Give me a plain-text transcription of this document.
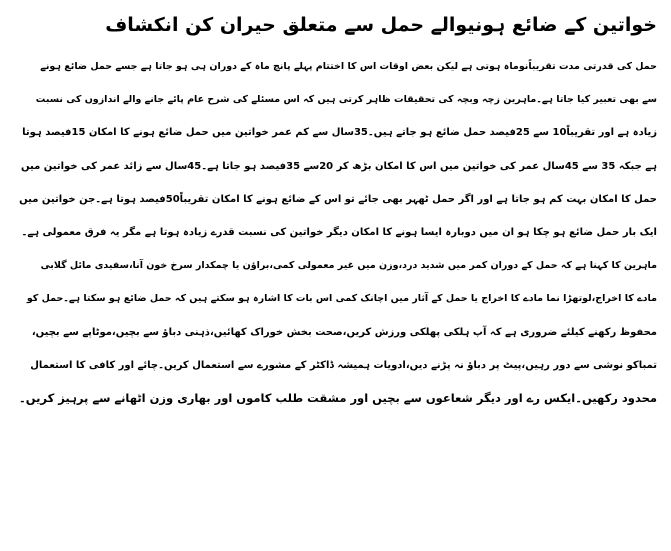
خواتین کے ضائع ہونیوالے حمل سے متعلق حیران کن انکشاف
حمل کی قدرتی مدت تقریباًنوماہ ہوتی ہے لیکن بعض اوقات اس کا اختتام پہلے پانچ ماہ کے دوران ہی ہو جاتا ہے جسے حمل ضائع ہونے
سے بھی تعبیر کیا جاتا ہے۔ماہرین زچہ وبچہ کی تحقیقات ظاہر کرتی ہیں کہ اس مسئلے کی شرح عام پائے جانے والے اندازوں کی نسبت
زیادہ ہے اور تقریباً10 سے 25فیصد حمل ضائع ہو جاتے ہیں۔35سال سے کم عمر خواتین میں حمل ضائع ہونے کا امکان 15فیصد ہوتا
ہے جبکہ 35 سے 45سال عمر کی خواتین میں اس کا امکان بڑھ کر 20سے 35فیصد ہو جاتا ہے۔45سال سے زائد عمر کی خواتین میں
حمل کا امکان بہت کم ہو جاتا ہے اور اگر حمل ٹھہر بھی جائے تو اس کے ضائع ہونے کا امکان تقریباً50فیصد ہوتا ہے۔جن خواتین میں
ایک بار حمل ضائع ہو چکا ہو ان میں دوبارہ ایسا ہونے کا امکان دیگر خواتین کی نسبت قدرے زیادہ ہوتا ہے مگر یہ فرق معمولی ہے۔
ماہرین کا کہنا ہے کہ حمل کے دوران کمر میں شدید درد،وزن میں غیر معمولی کمی،براؤن یا چمکدار سرخ خون آنا،سفیدی مائل گلابی
مادے کا اخراج،لوتھڑا نما مادے کا اخراج یا حمل کے آثار میں اچانک کمی اس بات کا اشارہ ہو سکتے ہیں کہ حمل ضائع ہو سکتا ہے۔حمل کو
محفوظ رکھنے کیلئے ضروری ہے کہ آپ ہلکی پھلکی ورزش کریں،صحت بخش خوراک کھائیں،ذہنی دباؤ سے بچیں،موٹاپے سے بچیں،
تمباکو نوشی سے دور رہیں،پیٹ پر دباؤ نہ پڑنے دیں،ادویات ہمیشہ ڈاکٹر کے مشورے سے استعمال کریں۔چائے اور کافی کا استعمال
محدود رکھیں۔ایکس رے اور دیگر شعاعوں سے بچیں اور مشقت طلب کاموں اور بھاری وزن اٹھانے سے پرہیز کریں۔
